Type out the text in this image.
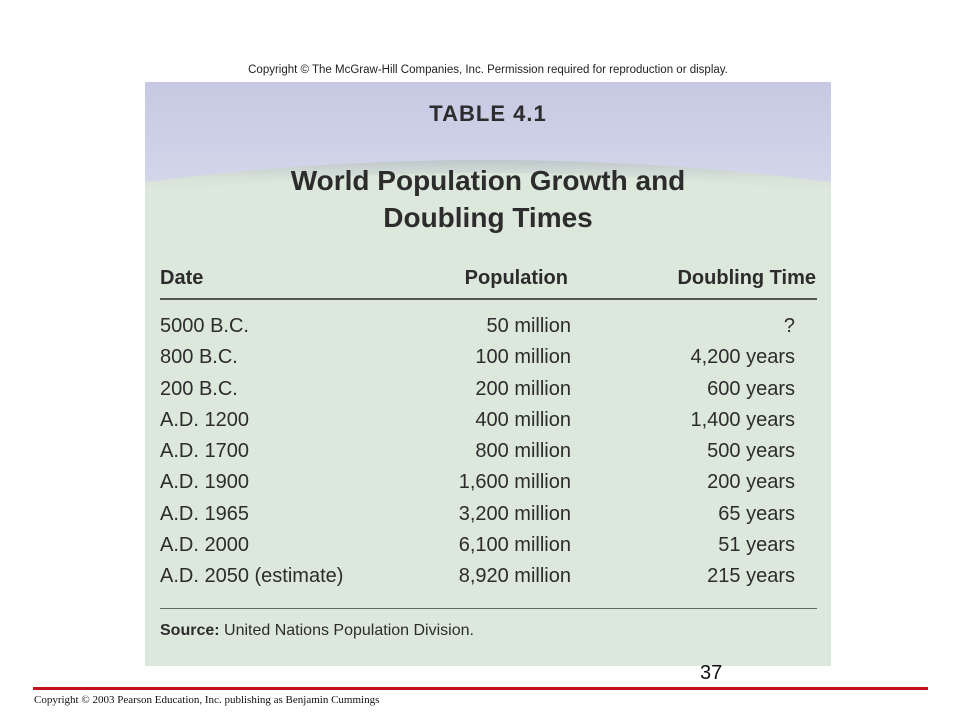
Copyright © The McGraw-Hill Companies, Inc. Permission required for reproduction or display.
TABLE 4.1
World Population Growth and
Doubling Times
Date	Population	Doubling Time
5000 B.C.	50 million	?
800 B.C.	100 million	4,200 years
200 B.C.	200 million	600 years
A.D. 1200	400 million	1,400 years
A.D. 1700	800 million	500 years
A.D. 1900	1,600 million	200 years
A.D. 1965	3,200 million	65 years
A.D. 2000	6,100 million	51 years
A.D. 2050 (estimate)	8,920 million	215 years
Source: United Nations Population Division.
37
Copyright © 2003 Pearson Education, Inc. publishing as Benjamin Cummings
